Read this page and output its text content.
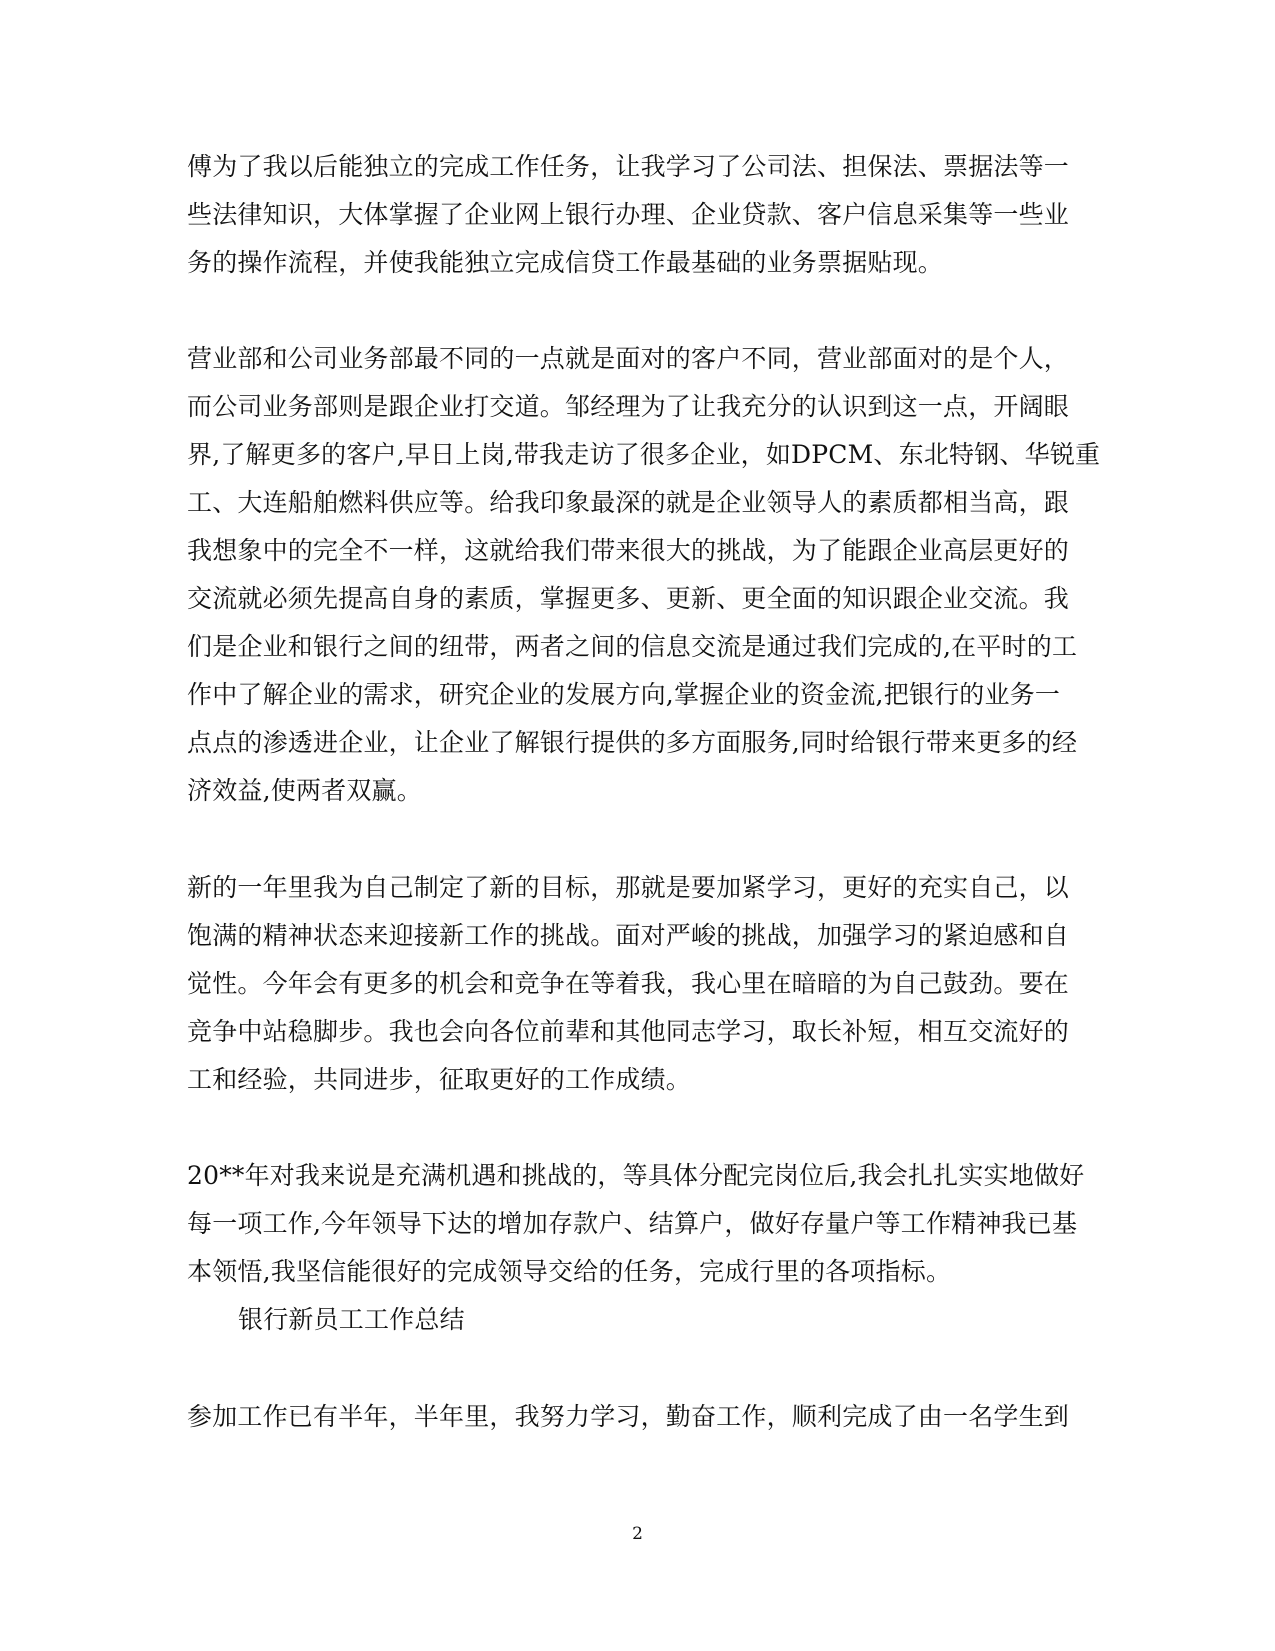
傅为了我以后能独立的完成工作任务，让我学习了公司法、担保法、票据法等一
些法律知识，大体掌握了企业网上银行办理、企业贷款、客户信息采集等一些业
务的操作流程，并使我能独立完成信贷工作最基础的业务票据贴现。
营业部和公司业务部最不同的一点就是面对的客户不同，营业部面对的是个人，
而公司业务部则是跟企业打交道。邹经理为了让我充分的认识到这一点，开阔眼
界,了解更多的客户,早日上岗,带我走访了很多企业，如DPCM、东北特钢、华锐重
工、大连船舶燃料供应等。给我印象最深的就是企业领导人的素质都相当高，跟
我想象中的完全不一样，这就给我们带来很大的挑战，为了能跟企业高层更好的
交流就必须先提高自身的素质，掌握更多、更新、更全面的知识跟企业交流。我
们是企业和银行之间的纽带，两者之间的信息交流是通过我们完成的,在平时的工
作中了解企业的需求，研究企业的发展方向,掌握企业的资金流,把银行的业务一
点点的渗透进企业，让企业了解银行提供的多方面服务,同时给银行带来更多的经
济效益,使两者双赢。
新的一年里我为自己制定了新的目标，那就是要加紧学习，更好的充实自己，以
饱满的精神状态来迎接新工作的挑战。面对严峻的挑战，加强学习的紧迫感和自
觉性。今年会有更多的机会和竞争在等着我，我心里在暗暗的为自己鼓劲。要在
竞争中站稳脚步。我也会向各位前辈和其他同志学习，取长补短，相互交流好的
工和经验，共同进步，征取更好的工作成绩。
20**年对我来说是充满机遇和挑战的，等具体分配完岗位后,我会扎扎实实地做好
每一项工作,今年领导下达的增加存款户、结算户，做好存量户等工作精神我已基
本领悟,我坚信能很好的完成领导交给的任务，完成行里的各项指标。
银行新员工工作总结
参加工作已有半年，半年里，我努力学习，勤奋工作，顺利完成了由一名学生到
2
